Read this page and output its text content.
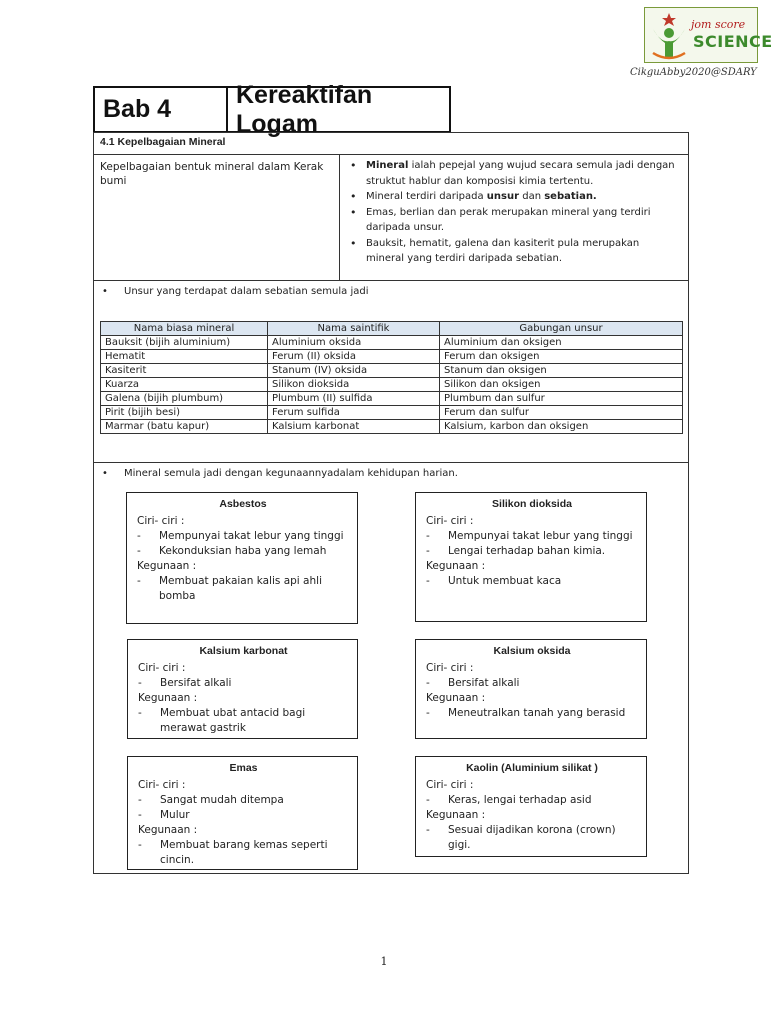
jom score
SCIENCE
CikguAbby2020@SDARY
Bab 4
Kereaktifan Logam
4.1 Kepelbagaian Mineral
Kepelbagaian bentuk mineral dalam Kerak bumi
• Mineral ialah pepejal yang wujud secara semula jadi dengan struktut hablur dan komposisi kimia tertentu.
• Mineral terdiri daripada unsur dan sebatian.
• Emas, berlian dan perak merupakan mineral yang terdiri daripada unsur.
• Bauksit, hematit, galena dan kasiterit pula merupakan mineral yang terdiri daripada sebatian.
• Unsur yang terdapat dalam sebatian semula jadi
Nama biasa mineral	Nama saintifik	Gabungan unsur
Bauksit (bijih aluminium)	Aluminium oksida	Aluminium dan oksigen
Hematit	Ferum (II) oksida	Ferum dan oksigen
Kasiterit	Stanum (IV) oksida	Stanum dan oksigen
Kuarza	Silikon dioksida	Silikon dan oksigen
Galena (bijih plumbum)	Plumbum (II) sulfida	Plumbum dan sulfur
Pirit (bijih besi)	Ferum sulfida	Ferum dan sulfur
Marmar (batu kapur)	Kalsium karbonat	Kalsium, karbon dan oksigen
• Mineral semula jadi dengan kegunaannyadalam kehidupan harian.
Asbestos
Ciri- ciri :
- Mempunyai takat lebur yang tinggi
- Kekonduksian haba yang lemah
Kegunaan :
- Membuat pakaian kalis api ahli bomba
Silikon dioksida
Ciri- ciri :
- Mempunyai takat lebur yang tinggi
- Lengai terhadap bahan kimia.
Kegunaan :
- Untuk membuat kaca
Kalsium karbonat
Ciri- ciri :
- Bersifat alkali
Kegunaan :
- Membuat ubat antacid bagi merawat gastrik
Kalsium oksida
Ciri- ciri :
- Bersifat alkali
Kegunaan :
- Meneutralkan tanah yang berasid
Emas
Ciri- ciri :
- Sangat mudah ditempa
- Mulur
Kegunaan :
- Membuat barang kemas seperti cincin.
Kaolin (Aluminium silikat )
Ciri- ciri :
- Keras, lengai terhadap asid
Kegunaan :
- Sesuai dijadikan korona (crown) gigi.
1
